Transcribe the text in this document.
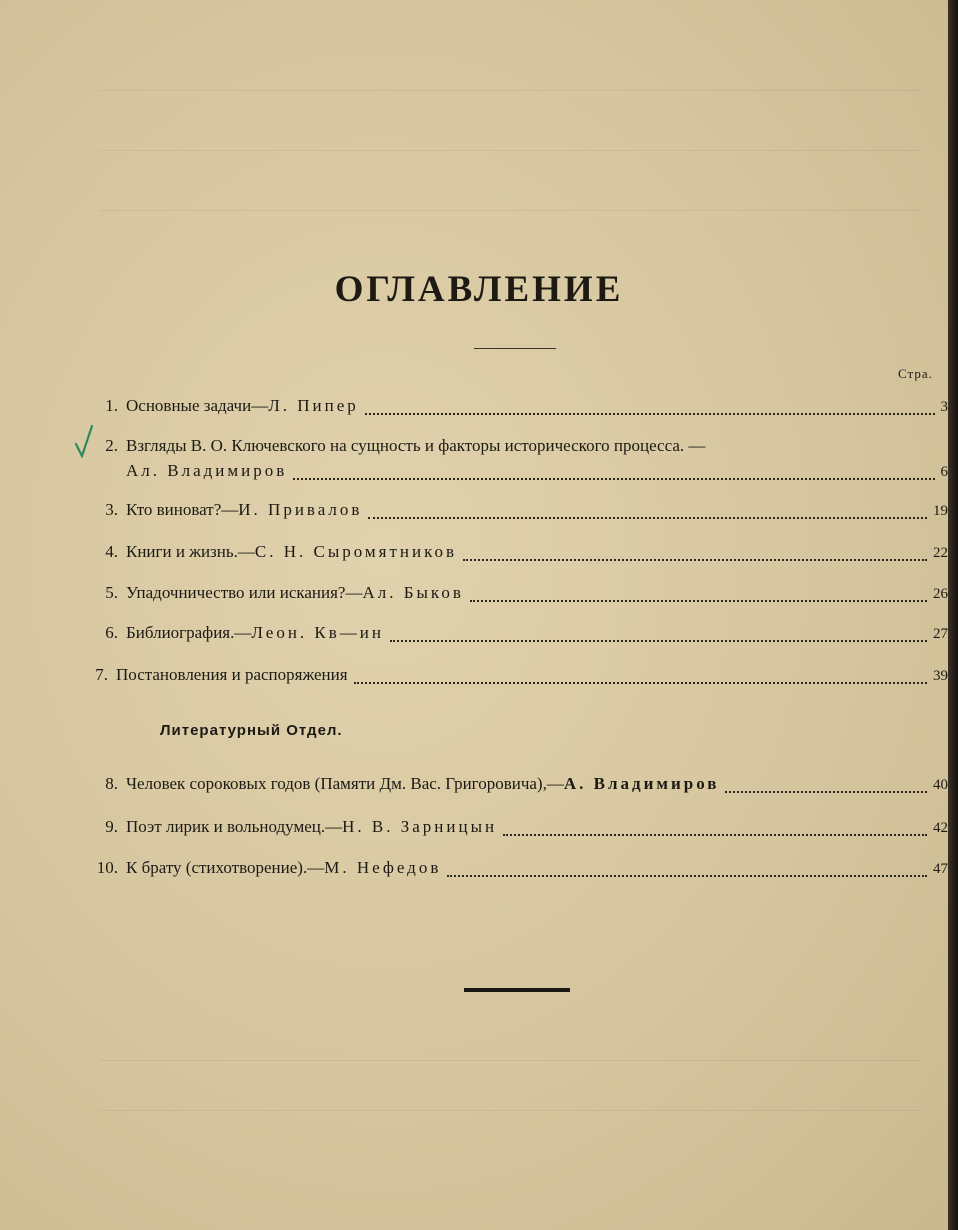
ОГЛАВЛЕНИЕ
Стра.
1. Основные задачи—Л. Пипер	3
2. Взгляды В. О. Ключевского на сущность и факторы исторического процесса. —
Ал. Владимиров	6
3. Кто виноват?—И. Привалов	19
4. Книги и жизнь.—С. Н. Сыромятников	22
5. Упадочничество или искания?—Ал. Быков	26
6. Библиография.—Леон. Кв—ин	27
7. Постановления и распоряжения	39
Литературный Отдел.
8. Человек сороковых годов (Памяти Дм. Вас. Григоровича),—А. Владимиров	40
9. Поэт лирик и вольнодумец.—Н. В. Зарницын	42
10. К брату (стихотворение).—М. Нефедов	47
